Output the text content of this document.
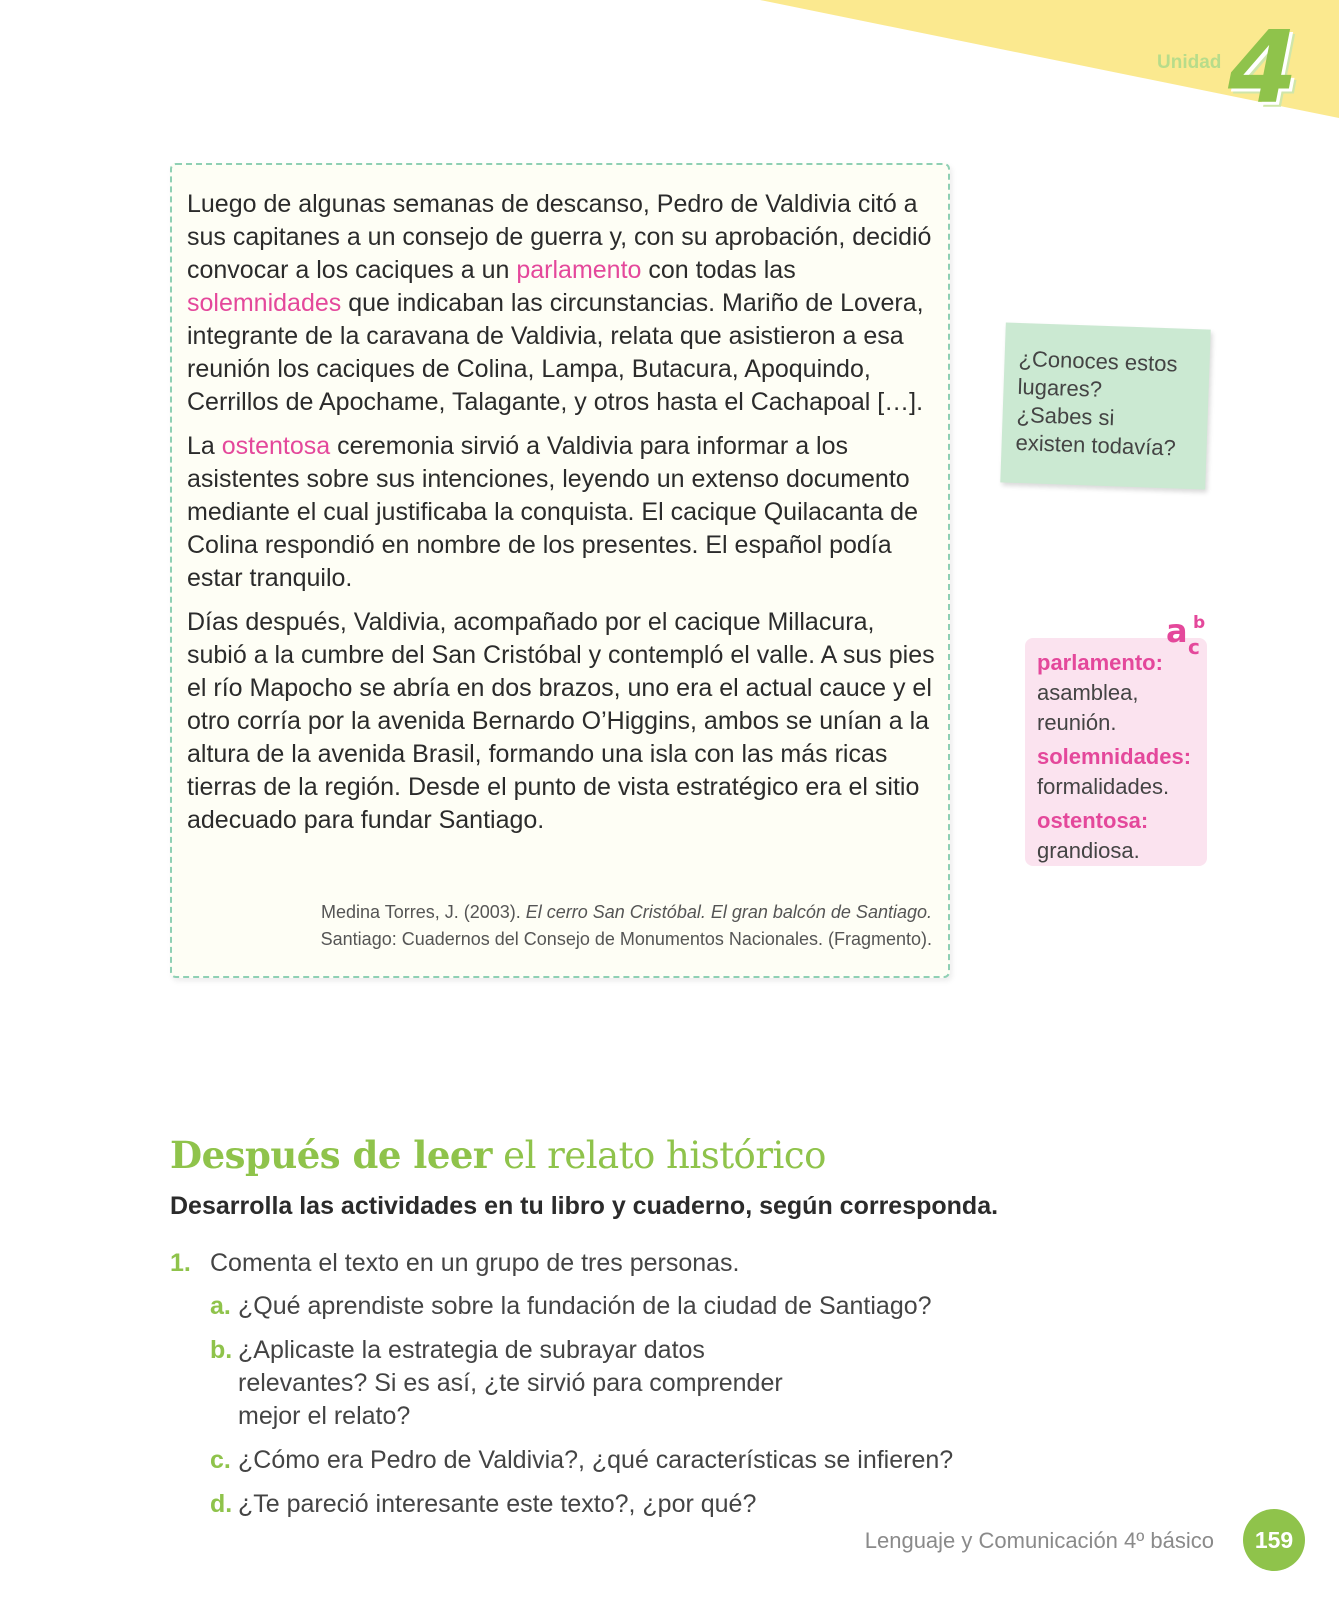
Unidad 4

Luego de algunas semanas de descanso, Pedro de Valdivia citó a sus capitanes a un consejo de guerra y, con su aprobación, decidió convocar a los caciques a un parlamento con todas las solemnidades que indicaban las circunstancias. Mariño de Lovera, integrante de la caravana de Valdivia, relata que asistieron a esa reunión los caciques de Colina, Lampa, Butacura, Apoquindo, Cerrillos de Apochame, Talagante, y otros hasta el Cachapoal […].

La ostentosa ceremonia sirvió a Valdivia para informar a los asistentes sobre sus intenciones, leyendo un extenso documento mediante el cual justificaba la conquista. El cacique Quilacanta de Colina respondió en nombre de los presentes. El español podía estar tranquilo.

Días después, Valdivia, acompañado por el cacique Millacura, subió a la cumbre del San Cristóbal y contempló el valle. A sus pies el río Mapocho se abría en dos brazos, uno era el actual cauce y el otro corría por la avenida Bernardo O’Higgins, ambos se unían a la altura de la avenida Brasil, formando una isla con las más ricas tierras de la región. Desde el punto de vista estratégico era el sitio adecuado para fundar Santiago.

Medina Torres, J. (2003). El cerro San Cristóbal. El gran balcón de Santiago.
Santiago: Cuadernos del Consejo de Monumentos Nacionales. (Fragmento).
¿Conoces estos
lugares?
¿Sabes si
existen todavía?
parlamento:
asamblea, reunión.
solemnidades:
formalidades.
ostentosa:
grandiosa.
a b
c
Después de leer el relato histórico
Desarrolla las actividades en tu libro y cuaderno, según corresponda.
1. Comenta el texto en un grupo de tres personas.
a. ¿Qué aprendiste sobre la fundación de la ciudad de Santiago?
b. ¿Aplicaste la estrategia de subrayar datos relevantes? Si es así, ¿te sirvió para comprender mejor el relato?
c. ¿Cómo era Pedro de Valdivia?, ¿qué características se infieren?
d. ¿Te pareció interesante este texto?, ¿por qué?
Lenguaje y Comunicación 4º básico	159
